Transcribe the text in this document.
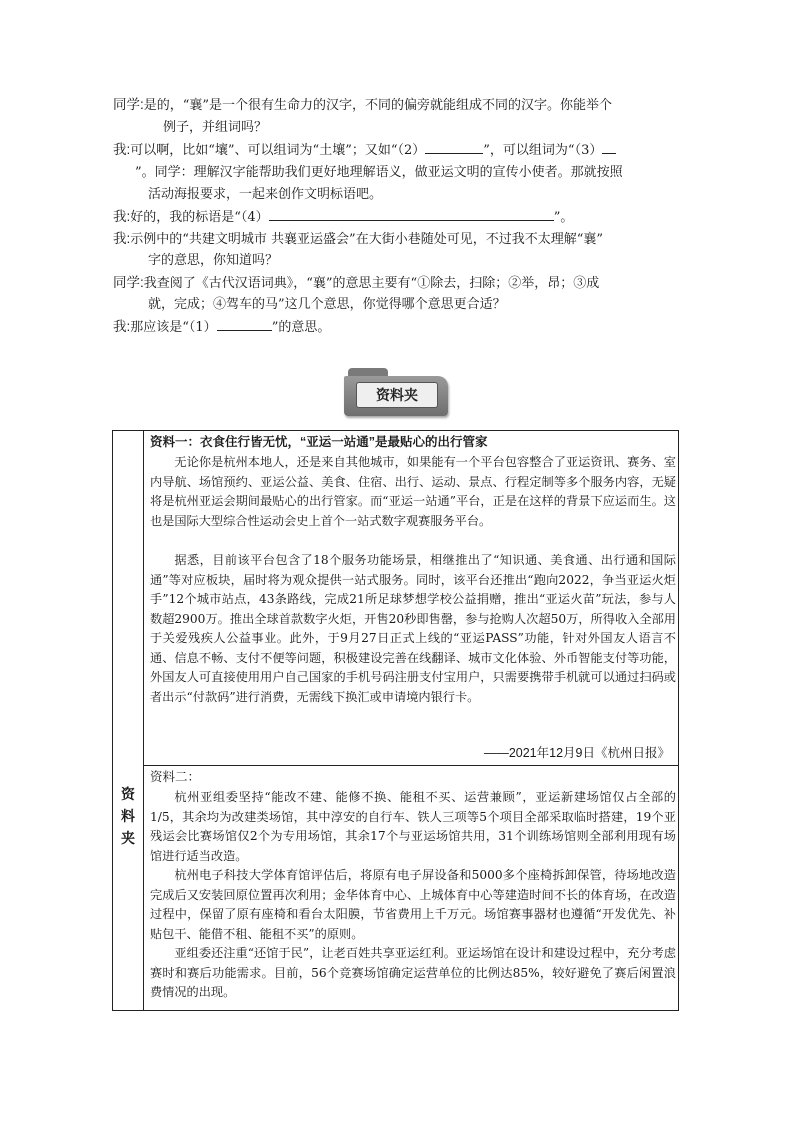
同学:是的，“襄”是一个很有生命力的汉字，不同的偏旁就能组成不同的汉字。你能举个
例子，并组词吗？
我:可以啊，比如“壤”、可以组词为“土壤”；又如“（2）	”，可以组词为“（3）
”。同学：理解汉字能帮助我们更好地理解语义，做亚运文明的宣传小使者。那就按照
活动海报要求，一起来创作文明标语吧。
我:好的，我的标语是“（4）	”。
我:示例中的“共建文明城市 共襄亚运盛会”在大街小巷随处可见，不过我不太理解“襄”
字的意思，你知道吗？
同学:我查阅了《古代汉语词典》，“襄”的意思主要有“①除去，扫除；②举，昂；③成
就，完成；④驾车的马”这几个意思，你觉得哪个意思更合适？
我:那应该是“（1）	”的意思。
资料夹
资料夹
资料一：衣食住行皆无忧，“亚运一站通”是最贴心的出行管家
无论你是杭州本地人，还是来自其他城市，如果能有一个平台包容整合了亚运资讯、赛务、室内导航、场馆预约、亚运公益、美食、住宿、出行、运动、景点、行程定制等多个服务内容，无疑将是杭州亚运会期间最贴心的出行管家。而“亚运一站通”平台，正是在这样的背景下应运而生。这也是国际大型综合性运动会史上首个一站式数字观赛服务平台。
据悉，目前该平台包含了18个服务功能场景，相继推出了“知识通、美食通、出行通和国际通”等对应板块，届时将为观众提供一站式服务。同时，该平台还推出“跑向2022，争当亚运火炬手”12个城市站点，43条路线，完成21所足球梦想学校公益捐赠，推出“亚运火苗”玩法，参与人数超2900万。推出全球首款数字火炬，开售20秒即售罄，参与抢购人次超50万，所得收入全部用于关爱残疾人公益事业。此外，于9月27日正式上线的“亚运PASS”功能，针对外国友人语言不通、信息不畅、支付不便等问题，积极建设完善在线翻译、城市文化体验、外币智能支付等功能，外国友人可直接使用用户自己国家的手机号码注册支付宝用户，只需要携带手机就可以通过扫码或者出示“付款码”进行消费，无需线下换汇或申请境内银行卡。
——2021年12月9日《杭州日报》
资料二：
杭州亚组委坚持“能改不建、能修不换、能租不买、运营兼顾”，亚运新建场馆仅占全部的1/5，其余均为改建类场馆，其中淳安的自行车、铁人三项等5个项目全部采取临时搭建，19个亚残运会比赛场馆仅2个为专用场馆，其余17个与亚运场馆共用，31个训练场馆则全部利用现有场馆进行适当改造。
杭州电子科技大学体育馆评估后，将原有电子屏设备和5000多个座椅拆卸保管，待场地改造完成后又安装回原位置再次利用；金华体育中心、上城体育中心等建造时间不长的体育场，在改造过程中，保留了原有座椅和看台太阳膜，节省费用上千万元。场馆赛事器材也遵循“开发优先、补贴包干、能借不租、能租不买”的原则。
亚组委还注重“还馆于民”，让老百姓共享亚运红利。亚运场馆在设计和建设过程中，充分考虑赛时和赛后功能需求。目前，56个竞赛场馆确定运营单位的比例达85%，较好避免了赛后闲置浪费情况的出现。
